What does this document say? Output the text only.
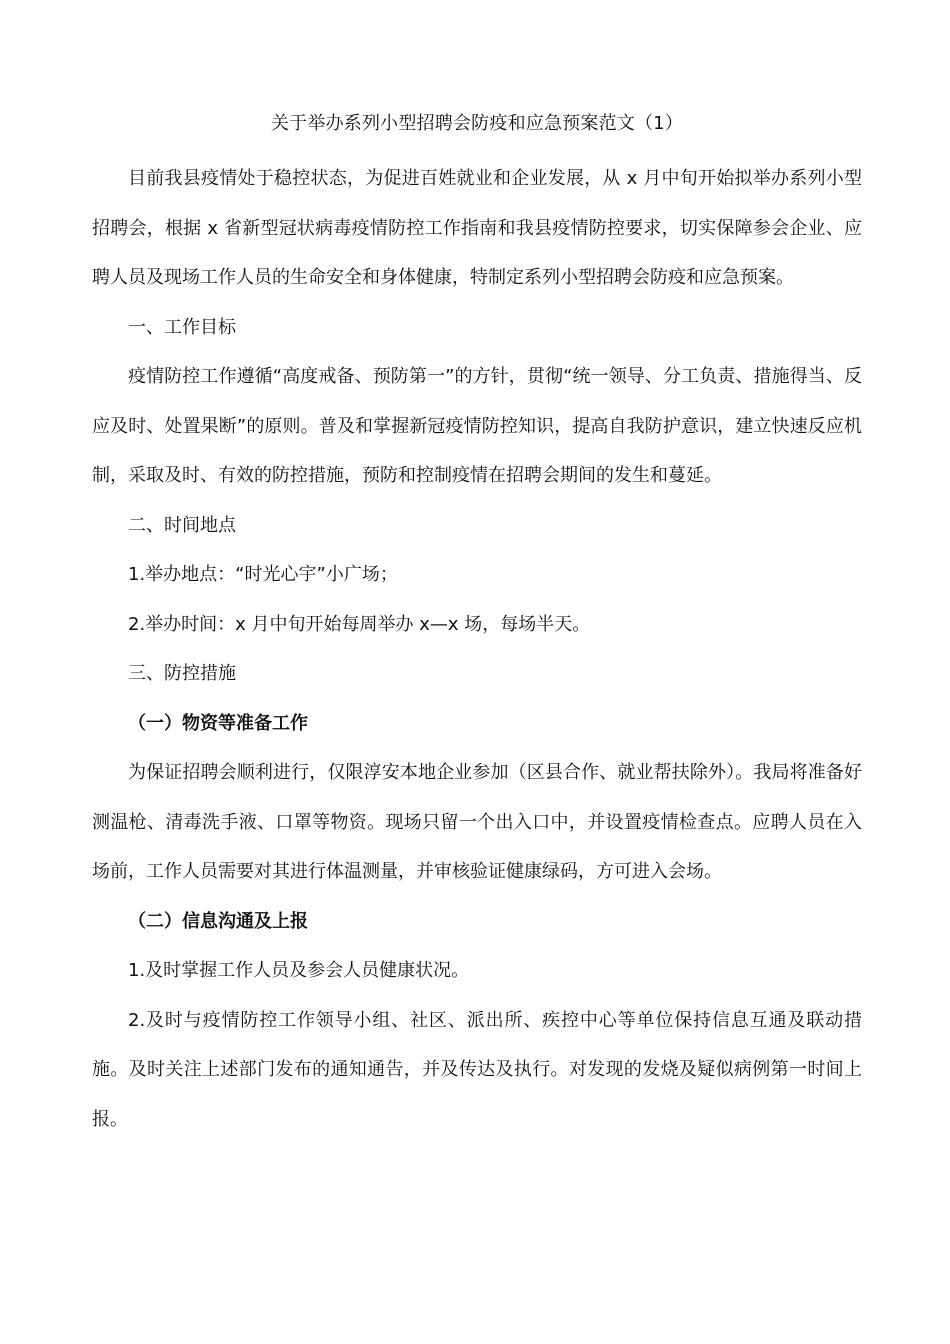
关于举办系列小型招聘会防疫和应急预案范文（1）

目前我县疫情处于稳控状态，为促进百姓就业和企业发展，从 x 月中旬开始拟举办系列小型招聘会，根据 x 省新型冠状病毒疫情防控工作指南和我县疫情防控要求，切实保障参会企业、应聘人员及现场工作人员的生命安全和身体健康，特制定系列小型招聘会防疫和应急预案。

一、工作目标

疫情防控工作遵循“高度戒备、预防第一”的方针，贯彻“统一领导、分工负责、措施得当、反应及时、处置果断”的原则。普及和掌握新冠疫情防控知识，提高自我防护意识，建立快速反应机制，采取及时、有效的防控措施，预防和控制疫情在招聘会期间的发生和蔓延。

二、时间地点

1.举办地点：“时光心宇”小广场；

2.举办时间：x 月中旬开始每周举办 x—x 场，每场半天。

三、防控措施

（一）物资等准备工作

为保证招聘会顺利进行，仅限淳安本地企业参加（区县合作、就业帮扶除外）。我局将准备好测温枪、清毒洗手液、口罩等物资。现场只留一个出入口中，并设置疫情检查点。应聘人员在入场前，工作人员需要对其进行体温测量，并审核验证健康绿码，方可进入会场。

（二）信息沟通及上报

1.及时掌握工作人员及参会人员健康状况。

2.及时与疫情防控工作领导小组、社区、派出所、疾控中心等单位保持信息互通及联动措施。及时关注上述部门发布的通知通告，并及传达及执行。对发现的发烧及疑似病例第一时间上报。
